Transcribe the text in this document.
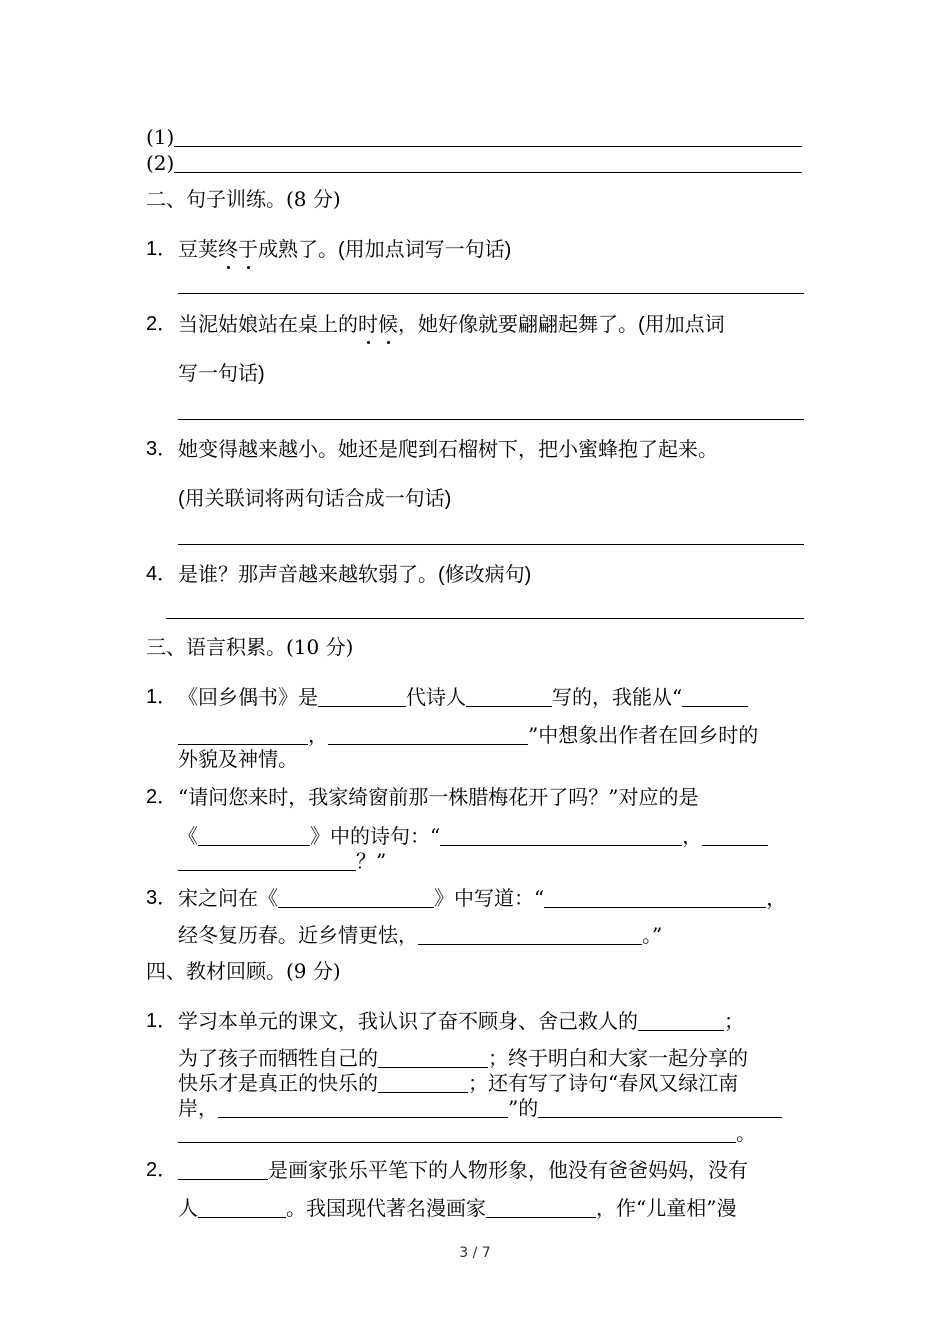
(1)
(2)
二、句子训练。(8 分)
1． 豆荚终于成熟了。(用加点词写一句话)
2． 当泥姑娘站在桌上的时候，她好像就要翩翩起舞了。(用加点词
写一句话)
3． 她变得越来越小。她还是爬到石榴树下，把小蜜蜂抱了起来。
(用关联词将两句话合成一句话)
4． 是谁？那声音越来越软弱了。(修改病句)
三、语言积累。(10 分)
1． 《回乡偶书》是	代诗人	写的，我能从“
，	”中想象出作者在回乡时的
外貌及神情。
2． “请问您来时，我家绮窗前那一株腊梅花开了吗？”对应的是
《	》中的诗句：“	，
？”
3． 宋之问在《	》中写道：“	，
经冬复历春。近乡情更怯，	。”
四、教材回顾。(9 分)
1． 学习本单元的课文，我认识了奋不顾身、舍己救人的	；
为了孩子而牺牲自己的	；终于明白和大家一起分享的
快乐才是真正的快乐的	；还有写了诗句“春风又绿江南
岸，	”的
。
2．	是画家张乐平笔下的人物形象，他没有爸爸妈妈，没有
人	。我国现代著名漫画家	，作“儿童相”漫
3 / 7
